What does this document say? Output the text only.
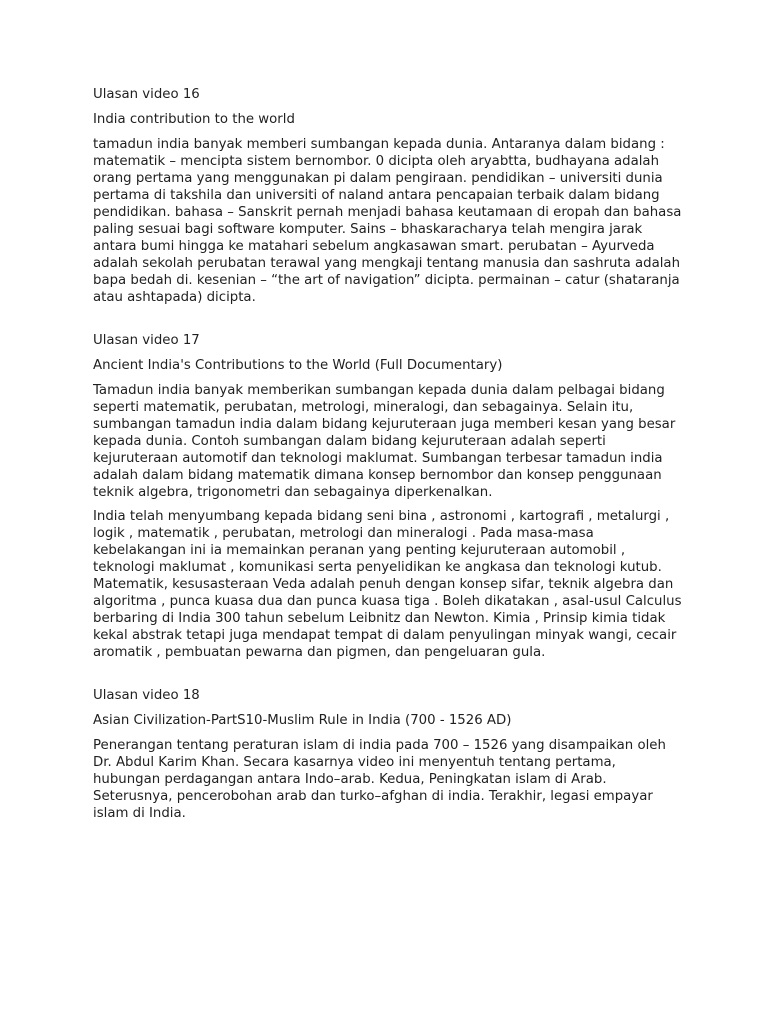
Ulasan video 16
India contribution to the world
tamadun india banyak memberi sumbangan kepada dunia. Antaranya dalam bidang : matematik – mencipta sistem bernombor. 0 dicipta oleh aryabtta, budhayana adalah orang pertama yang menggunakan pi dalam pengiraan. pendidikan – universiti dunia pertama di takshila dan universiti of naland antara pencapaian terbaik dalam bidang pendidikan. bahasa – Sanskrit pernah menjadi bahasa keutamaan di eropah dan bahasa paling sesuai bagi software komputer. Sains – bhaskaracharya telah mengira jarak antara bumi hingga ke matahari sebelum angkasawan smart. perubatan – Ayurveda adalah sekolah perubatan terawal yang mengkaji tentang manusia dan sashruta adalah bapa bedah di. kesenian – “the art of navigation” dicipta. permainan – catur (shataranja atau ashtapada) dicipta.
Ulasan video 17
Ancient India's Contributions to the World (Full Documentary)
Tamadun india banyak memberikan sumbangan kepada dunia dalam pelbagai bidang seperti matematik, perubatan, metrologi, mineralogi, dan sebagainya. Selain itu, sumbangan tamadun india dalam bidang kejuruteraan juga memberi kesan yang besar kepada dunia. Contoh sumbangan dalam bidang kejuruteraan adalah seperti kejuruteraan automotif dan teknologi maklumat. Sumbangan terbesar tamadun india adalah dalam bidang matematik dimana konsep bernombor dan konsep penggunaan teknik algebra, trigonometri dan sebagainya diperkenalkan.
India telah menyumbang kepada bidang seni bina , astronomi , kartografi , metalurgi , logik , matematik , perubatan, metrologi dan mineralogi . Pada masa-masa kebelakangan ini ia memainkan peranan yang penting kejuruteraan automobil , teknologi maklumat , komunikasi serta penyelidikan ke angkasa dan teknologi kutub. Matematik, kesusasteraan Veda adalah penuh dengan konsep sifar, teknik algebra dan algoritma , punca kuasa dua dan punca kuasa tiga . Boleh dikatakan , asal-usul Calculus berbaring di India 300 tahun sebelum Leibnitz dan Newton. Kimia , Prinsip kimia tidak kekal abstrak tetapi juga mendapat tempat di dalam penyulingan minyak wangi, cecair aromatik , pembuatan pewarna dan pigmen, dan pengeluaran gula.
Ulasan video 18
Asian Civilization-PartS10-Muslim Rule in India (700 - 1526 AD)
Penerangan tentang peraturan islam di india pada 700 – 1526 yang disampaikan oleh Dr. Abdul Karim Khan. Secara kasarnya video ini menyentuh tentang pertama, hubungan perdagangan antara Indo–arab. Kedua, Peningkatan islam di Arab. Seterusnya, pencerobohan arab dan turko–afghan di india. Terakhir, legasi empayar islam di India.
